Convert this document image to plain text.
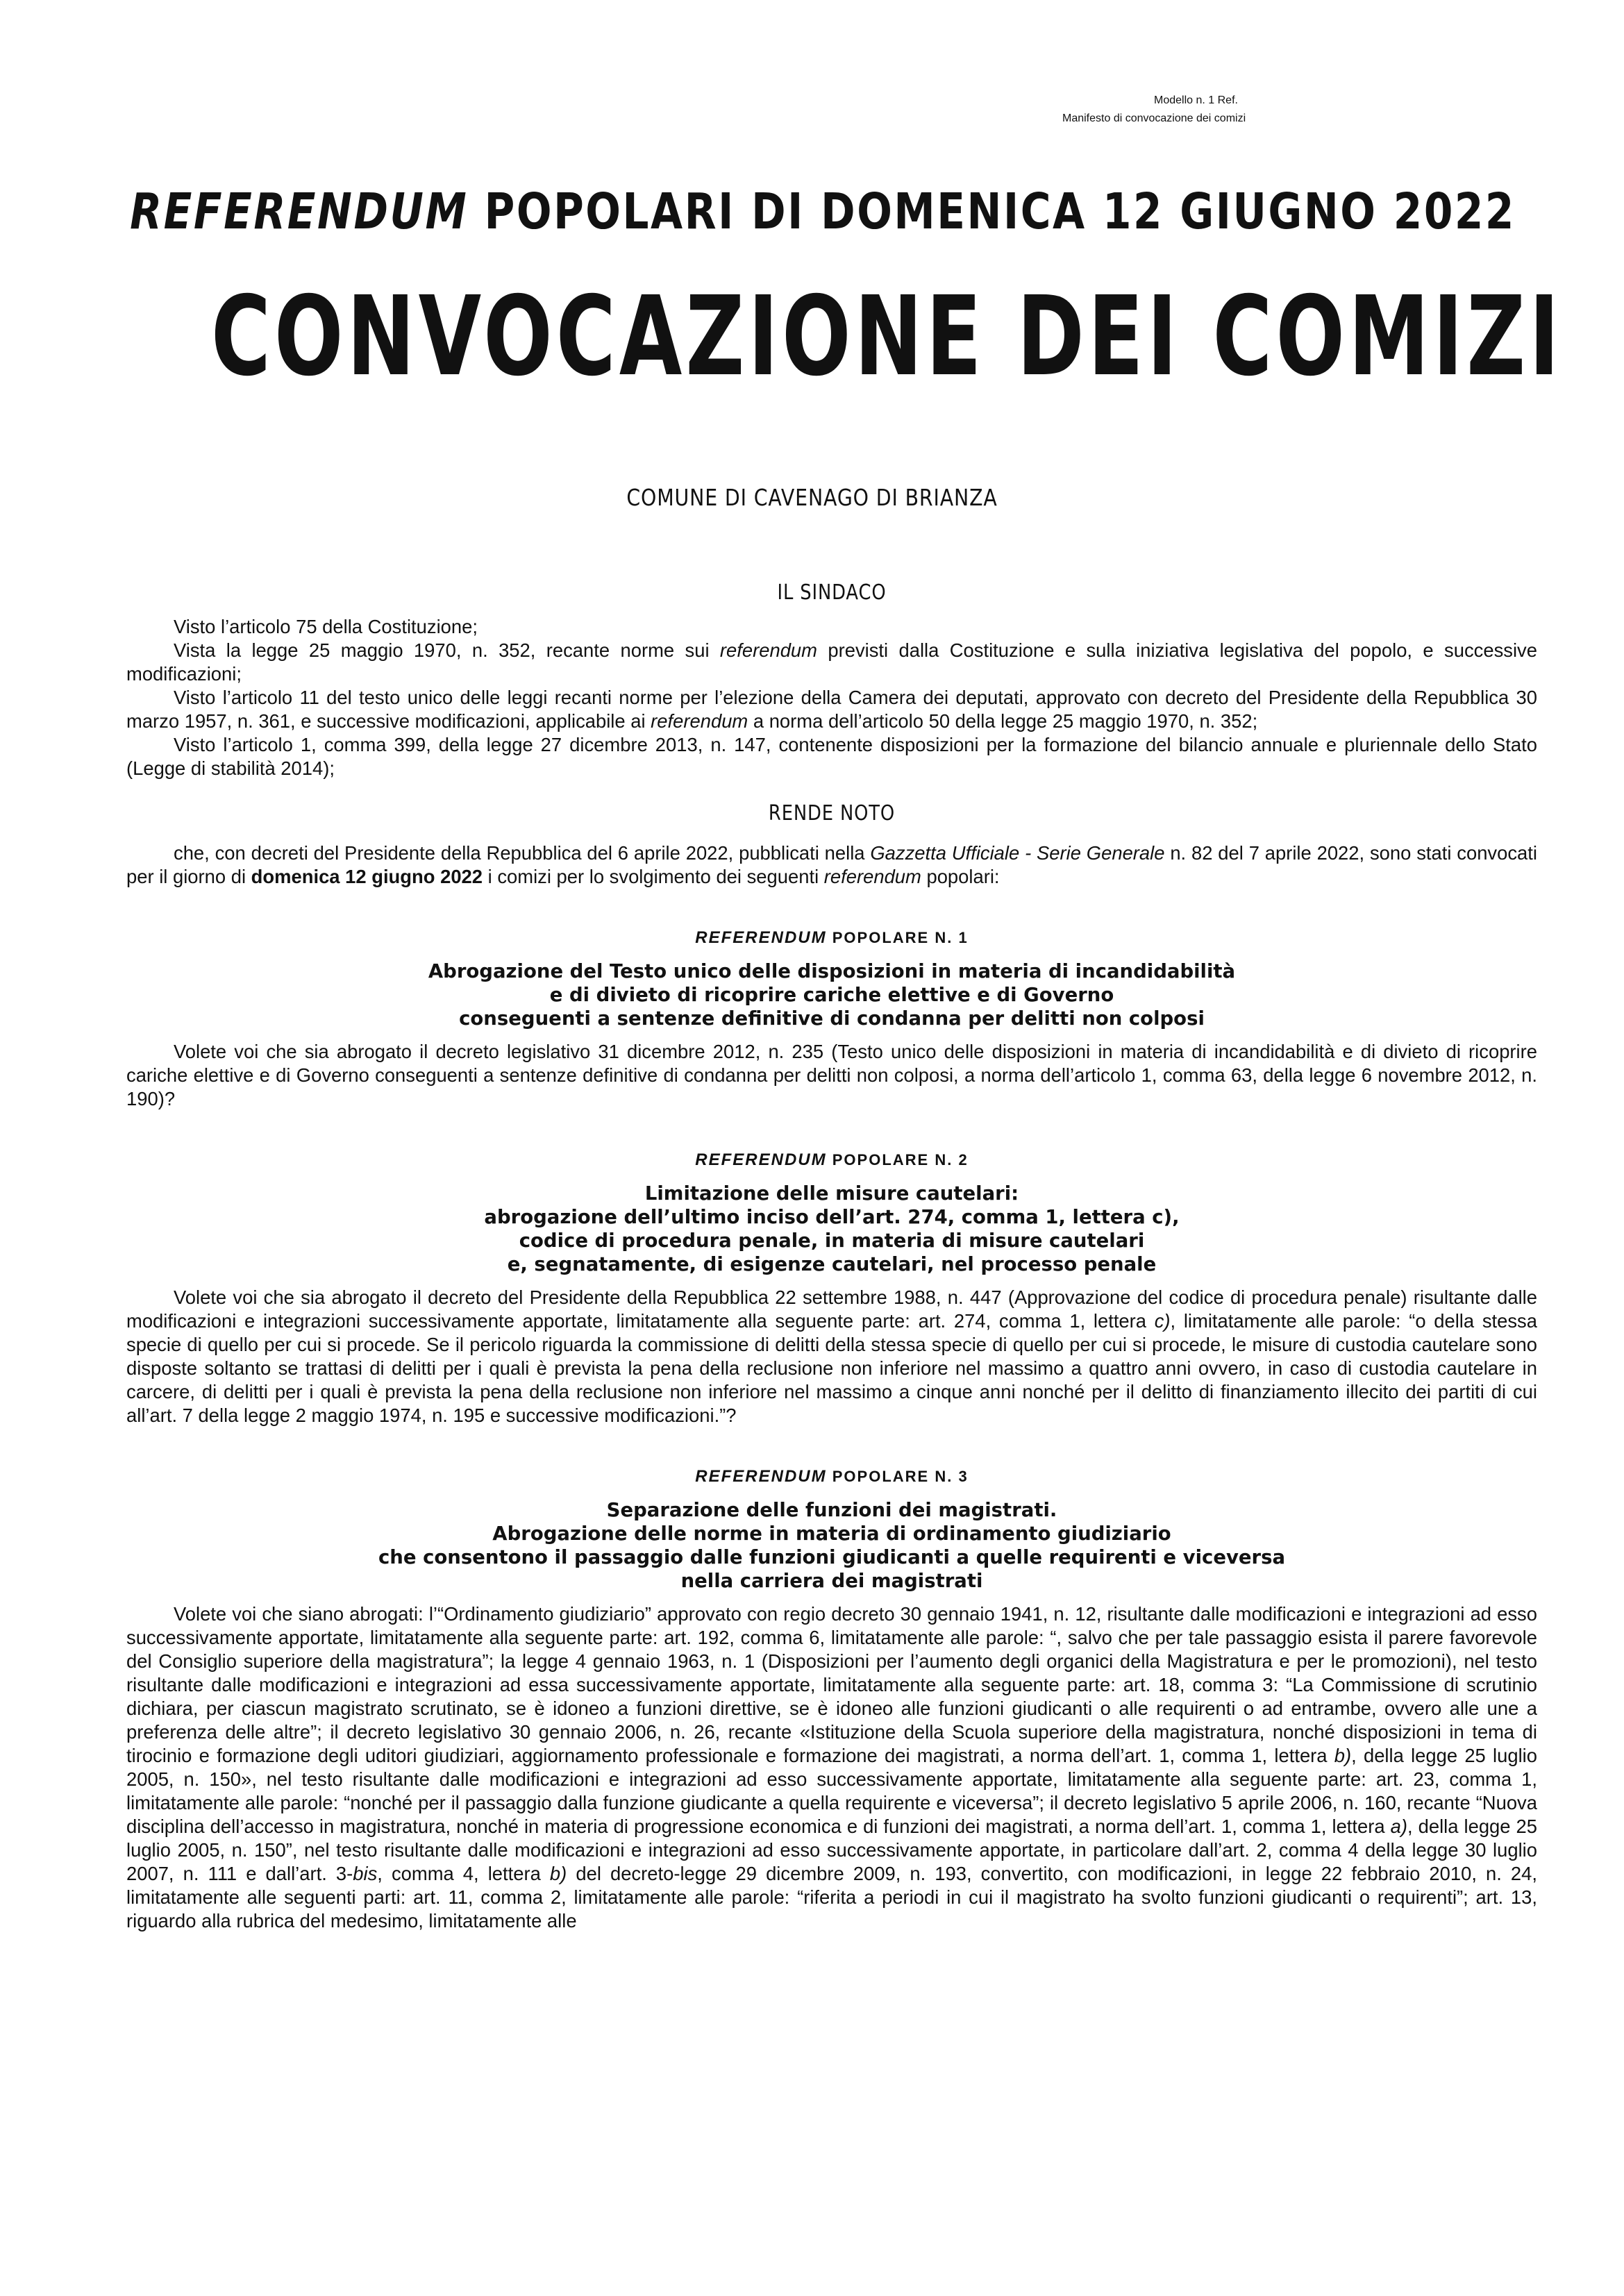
Modello n. 1 Ref.
Manifesto di convocazione dei comizi
REFERENDUM POPOLARI DI DOMENICA 12 GIUGNO 2022
CONVOCAZIONE DEI COMIZI
COMUNE DI CAVENAGO DI BRIANZA
IL SINDACO

Visto l’articolo 75 della Costituzione;

Vista la legge 25 maggio 1970, n. 352, recante norme sui referendum previsti dalla Costituzione e sulla iniziativa legislativa del popolo, e successive modificazioni;

Visto l’articolo 11 del testo unico delle leggi recanti norme per l’elezione della Camera dei deputati, approvato con decreto del Presidente della Repubblica 30 marzo 1957, n. 361, e successive modificazioni, applicabile ai referendum a norma dell’articolo 50 della legge 25 maggio 1970, n. 352;

Visto l’articolo 1, comma 399, della legge 27 dicembre 2013, n. 147, contenente disposizioni per la formazione del bilancio annuale e pluriennale dello Stato (Legge di stabilità 2014);

RENDE NOTO

che, con decreti del Presidente della Repubblica del 6 aprile 2022, pubblicati nella Gazzetta Ufficiale - Serie Generale n. 82 del 7 aprile 2022, sono stati convocati per il giorno di domenica 12 giugno 2022 i comizi per lo svolgimento dei seguenti referendum popolari:

REFERENDUM POPOLARE N. 1
Abrogazione del Testo unico delle disposizioni in materia di incandidabilità
e di divieto di ricoprire cariche elettive e di Governo
conseguenti a sentenze definitive di condanna per delitti non colposi

Volete voi che sia abrogato il decreto legislativo 31 dicembre 2012, n. 235 (Testo unico delle disposizioni in materia di incandidabilità e di divieto di ricoprire cariche elettive e di Governo conseguenti a sentenze definitive di condanna per delitti non colposi, a norma dell’articolo 1, comma 63, della legge 6 novembre 2012, n. 190)?

REFERENDUM POPOLARE N. 2
Limitazione delle misure cautelari:
abrogazione dell’ultimo inciso dell’art. 274, comma 1, lettera c),
codice di procedura penale, in materia di misure cautelari
e, segnatamente, di esigenze cautelari, nel processo penale

Volete voi che sia abrogato il decreto del Presidente della Repubblica 22 settembre 1988, n. 447 (Approvazione del codice di procedura penale) risultante dalle modificazioni e integrazioni successivamente apportate, limitatamente alla seguente parte: art. 274, comma 1, lettera c), limitatamente alle parole: “o della stessa specie di quello per cui si procede. Se il pericolo riguarda la commissione di delitti della stessa specie di quello per cui si procede, le misure di custodia cautelare sono disposte soltanto se trattasi di delitti per i quali è prevista la pena della reclusione non inferiore nel massimo a quattro anni ovvero, in caso di custodia cautelare in carcere, di delitti per i quali è prevista la pena della reclusione non inferiore nel massimo a cinque anni nonché per il delitto di finanziamento illecito dei partiti di cui all’art. 7 della legge 2 maggio 1974, n. 195 e successive modificazioni.”?

REFERENDUM POPOLARE N. 3
Separazione delle funzioni dei magistrati.
Abrogazione delle norme in materia di ordinamento giudiziario
che consentono il passaggio dalle funzioni giudicanti a quelle requirenti e viceversa
nella carriera dei magistrati

Volete voi che siano abrogati: l’“Ordinamento giudiziario” approvato con regio decreto 30 gennaio 1941, n. 12, risultante dalle modificazioni e integrazioni ad esso successivamente apportate, limitatamente alla seguente parte: art. 192, comma 6, limitatamente alle parole: “, salvo che per tale passaggio esista il parere favorevole del Consiglio superiore della magistratura”; la legge 4 gennaio 1963, n. 1 (Disposizioni per l’aumento degli organici della Magistratura e per le promozioni), nel testo risultante dalle modificazioni e integrazioni ad essa successivamente apportate, limitatamente alla seguente parte: art. 18, comma 3: “La Commissione di scrutinio dichiara, per ciascun magistrato scrutinato, se è idoneo a funzioni direttive, se è idoneo alle funzioni giudicanti o alle requirenti o ad entrambe, ovvero alle une a preferenza delle altre”; il decreto legislativo 30 gennaio 2006, n. 26, recante «Istituzione della Scuola superiore della magistratura, nonché disposizioni in tema di tirocinio e formazione degli uditori giudiziari, aggiornamento professionale e formazione dei magistrati, a norma dell’art. 1, comma 1, lettera b), della legge 25 luglio 2005, n. 150», nel testo risultante dalle modificazioni e integrazioni ad esso successivamente apportate, limitatamente alla seguente parte: art. 23, comma 1, limitatamente alle parole: “nonché per il passaggio dalla funzione giudicante a quella requirente e viceversa”; il decreto legislativo 5 aprile 2006, n. 160, recante “Nuova disciplina dell’accesso in magistratura, nonché in materia di progressione economica e di funzioni dei magistrati, a norma dell’art. 1, comma 1, lettera a), della legge 25 luglio 2005, n. 150”, nel testo risultante dalle modificazioni e integrazioni ad esso successivamente apportate, in particolare dall’art. 2, comma 4 della legge 30 luglio 2007, n. 111 e dall’art. 3-bis, comma 4, lettera b) del decreto-legge 29 dicembre 2009, n. 193, convertito, con modificazioni, in legge 22 febbraio 2010, n. 24, limitatamente alle seguenti parti: art. 11, comma 2, limitatamente alle parole: “riferita a periodi in cui il magistrato ha svolto funzioni giudicanti o requirenti”; art. 13, riguardo alla rubrica del medesimo, limitatamente alle
